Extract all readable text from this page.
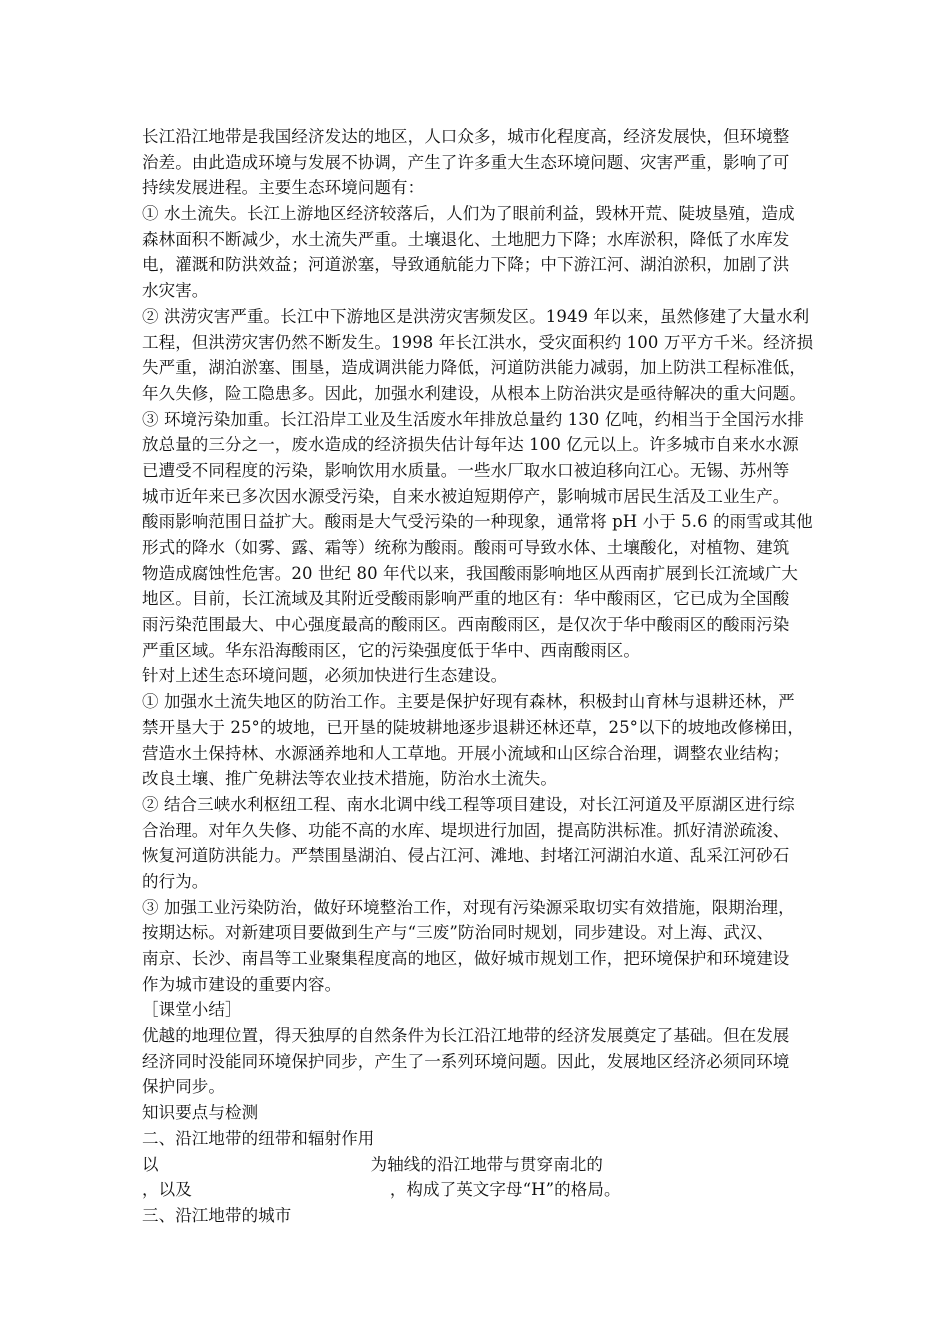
长江沿江地带是我国经济发达的地区，人口众多，城市化程度高，经济发展快，但环境整
治差。由此造成环境与发展不协调，产生了许多重大生态环境问题、灾害严重，影响了可
持续发展进程。主要生态环境问题有：
① 水土流失。长江上游地区经济较落后，人们为了眼前利益，毁林开荒、陡坡垦殖，造成
森林面积不断减少，水土流失严重。土壤退化、土地肥力下降；水库淤积，降低了水库发
电，灌溉和防洪效益；河道淤塞，导致通航能力下降；中下游江河、湖泊淤积，加剧了洪
水灾害。
② 洪涝灾害严重。长江中下游地区是洪涝灾害频发区。1949 年以来，虽然修建了大量水利
工程，但洪涝灾害仍然不断发生。1998 年长江洪水，受灾面积约 100 万平方千米。经济损
失严重，湖泊淤塞、围垦，造成调洪能力降低，河道防洪能力减弱，加上防洪工程标准低，
年久失修，险工隐患多。因此，加强水利建设，从根本上防治洪灾是亟待解决的重大问题。
③ 环境污染加重。长江沿岸工业及生活废水年排放总量约 130 亿吨，约相当于全国污水排
放总量的三分之一，废水造成的经济损失估计每年达 100 亿元以上。许多城市自来水水源
已遭受不同程度的污染，影响饮用水质量。一些水厂取水口被迫移向江心。无锡、苏州等
城市近年来已多次因水源受污染，自来水被迫短期停产，影响城市居民生活及工业生产。
酸雨影响范围日益扩大。酸雨是大气受污染的一种现象，通常将 pH 小于 5.6 的雨雪或其他
形式的降水（如雾、露、霜等）统称为酸雨。酸雨可导致水体、土壤酸化，对植物、建筑
物造成腐蚀性危害。20 世纪 80 年代以来，我国酸雨影响地区从西南扩展到长江流域广大
地区。目前，长江流域及其附近受酸雨影响严重的地区有：华中酸雨区，它已成为全国酸
雨污染范围最大、中心强度最高的酸雨区。西南酸雨区，是仅次于华中酸雨区的酸雨污染
严重区域。华东沿海酸雨区，它的污染强度低于华中、西南酸雨区。
针对上述生态环境问题，必须加快进行生态建设。
① 加强水土流失地区的防治工作。主要是保护好现有森林，积极封山育林与退耕还林，严
禁开垦大于 25°的坡地，已开垦的陡坡耕地逐步退耕还林还草，25°以下的坡地改修梯田，
营造水土保持林、水源涵养地和人工草地。开展小流域和山区综合治理，调整农业结构；
改良土壤、推广免耕法等农业技术措施，防治水土流失。
② 结合三峡水利枢纽工程、南水北调中线工程等项目建设，对长江河道及平原湖区进行综
合治理。对年久失修、功能不高的水库、堤坝进行加固，提高防洪标准。抓好清淤疏浚、
恢复河道防洪能力。严禁围垦湖泊、侵占江河、滩地、封堵江河湖泊水道、乱采江河砂石
的行为。
③ 加强工业污染防治，做好环境整治工作，对现有污染源采取切实有效措施，限期治理，
按期达标。对新建项目要做到生产与“三废”防治同时规划，同步建设。对上海、武汉、
南京、长沙、南昌等工业聚集程度高的地区，做好城市规划工作，把环境保护和环境建设
作为城市建设的重要内容。
［课堂小结］
优越的地理位置，得天独厚的自然条件为长江沿江地带的经济发展奠定了基础。但在发展
经济同时没能同环境保护同步，产生了一系列环境问题。因此，发展地区经济必须同环境
保护同步。
知识要点与检测
二、沿江地带的纽带和辐射作用
以	为轴线的沿江地带与贯穿南北的
，以及	，构成了英文字母“H”的格局。
三、沿江地带的城市
